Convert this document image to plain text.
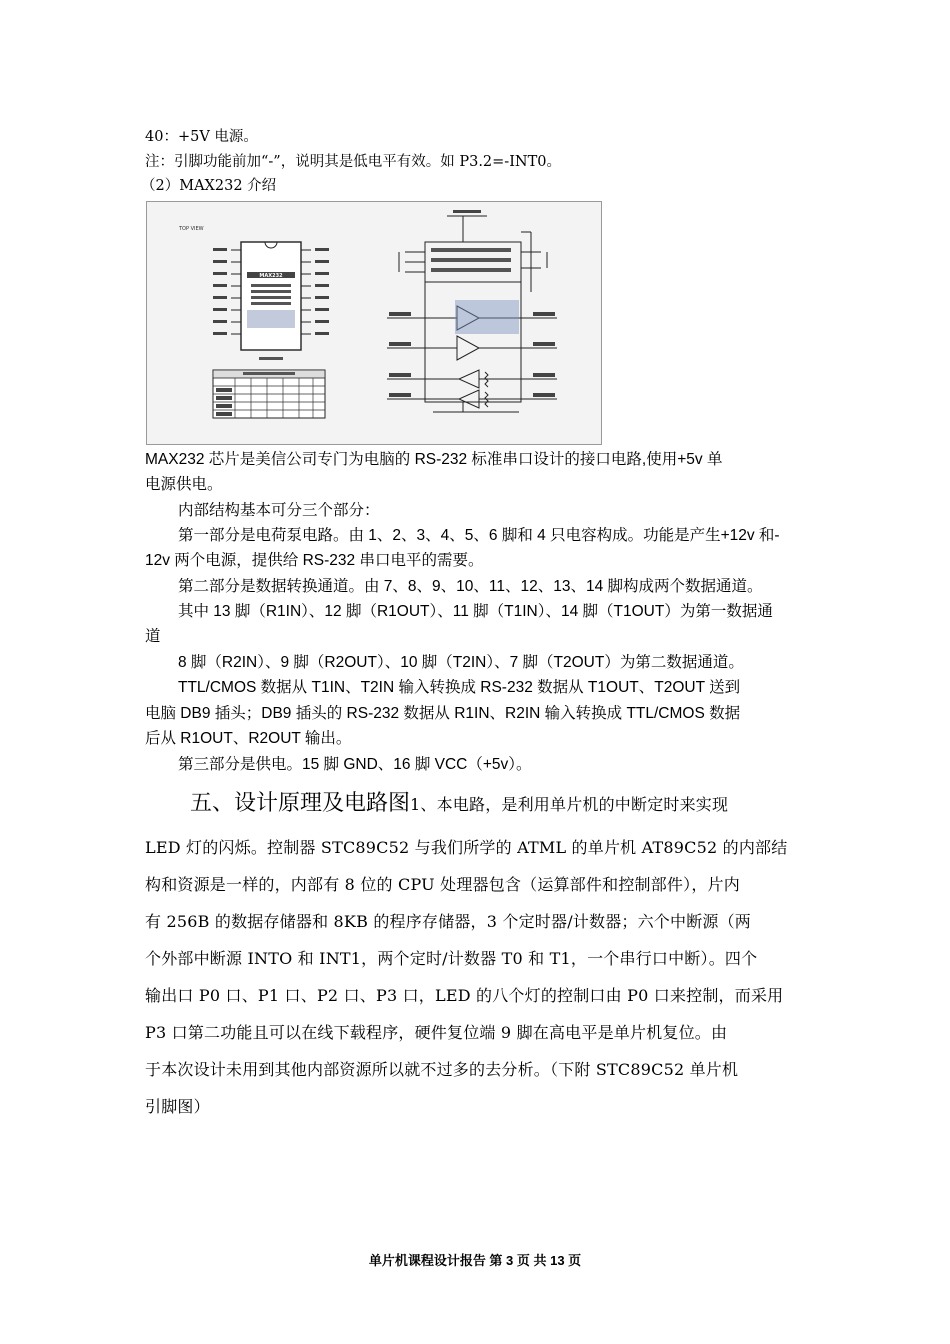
40：+5V 电源。
注：引脚功能前加“-”，说明其是低电平有效。如 P3.2=-INT0。
（2）MAX232 介绍
TOP VIEW
MAX232
MAX232 芯片是美信公司专门为电脑的 RS-232 标准串口设计的接口电路,使用+5v 单
电源供电。
内部结构基本可分三个部分：
第一部分是电荷泵电路。由 1、2、3、4、5、6 脚和 4 只电容构成。功能是产生+12v 和-
12v 两个电源，提供给 RS-232 串口电平的需要。
第二部分是数据转换通道。由 7、8、9、10、11、12、13、14 脚构成两个数据通道。
其中 13 脚（R1IN）、12 脚（R1OUT）、11 脚（T1IN）、14 脚（T1OUT）为第一数据通
道
8 脚（R2IN）、9 脚（R2OUT）、10 脚（T2IN）、7 脚（T2OUT）为第二数据通道。
TTL/CMOS 数据从 T1IN、T2IN 输入转换成 RS-232 数据从 T1OUT、T2OUT 送到
电脑 DB9 插头；DB9 插头的 RS-232 数据从 R1IN、R2IN 输入转换成 TTL/CMOS 数据
后从 R1OUT、R2OUT 输出。
第三部分是供电。15 脚 GND、16 脚 VCC（+5v）。
五、设计原理及电路图1、本电路，是利用单片机的中断定时来实现
LED 灯的闪烁。控制器 STC89C52 与我们所学的 ATML 的单片机 AT89C52 的内部结
构和资源是一样的，内部有 8 位的 CPU 处理器包含（运算部件和控制部件），片内
有 256B 的数据存储器和 8KB 的程序存储器，3 个定时器/计数器；六个中断源（两
个外部中断源 INTO 和 INT1，两个定时/计数器 T0 和 T1，一个串行口中断）。四个
输出口 P0 口、P1 口、P2 口、P3 口，LED 的八个灯的控制口由 P0 口来控制，而采用
P3 口第二功能且可以在线下载程序，硬件复位端 9 脚在高电平是单片机复位。由
于本次设计未用到其他内部资源所以就不过多的去分析。（下附 STC89C52 单片机
引脚图）
单片机课程设计报告 第 3 页 共 13 页
